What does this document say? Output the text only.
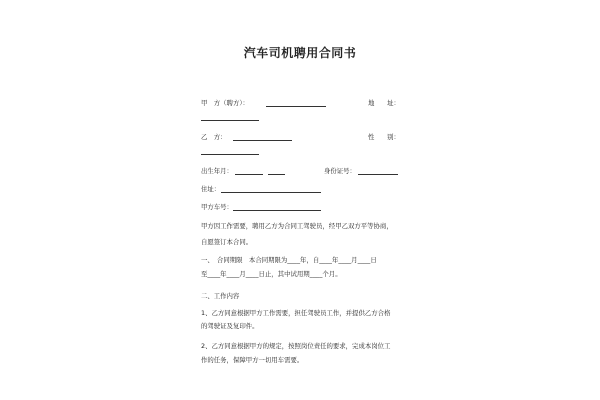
汽车司机聘用合同书
甲　方（聘方）：	地　　址：
乙　方：	性　　别：
出生年月：	身份证号：
住址：
甲方车号：
甲方因工作需要，聘用乙方为合同工驾驶员，经甲乙双方平等协商，
自愿签订本合同。
一、　合同期限　本合同期限为____年，自____年____月____日
至____年____月____日止，其中试用期____个月。
二、工作内容
1、乙方同意根据甲方工作需要，担任驾驶员工作，并提供乙方合格
的驾驶证及复印件。
2、乙方同意根据甲方的规定，按照岗位责任的要求，完成本岗位工
作的任务，保障甲方一切用车需要。
